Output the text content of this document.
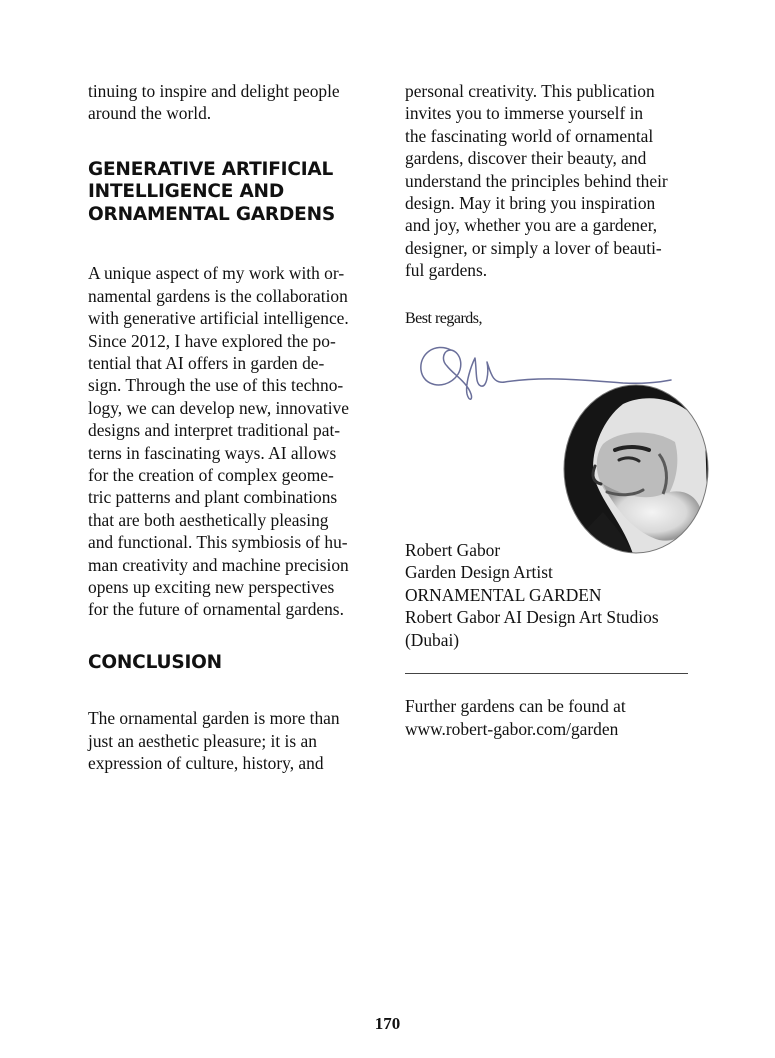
tinuing to inspire and delight people
around the world.

GENERATIVE ARTIFICIAL
INTELLIGENCE AND
ORNAMENTAL GARDENS

A unique aspect of my work with or-
namental gardens is the collaboration
with generative artificial intelligence.
Since 2012, I have explored the po-
tential that AI offers in garden de-
sign. Through the use of this techno-
logy, we can develop new, innovative
designs and interpret traditional pat-
terns in fascinating ways. AI allows
for the creation of complex geome-
tric patterns and plant combinations
that are both aesthetically pleasing
and functional. This symbiosis of hu-
man creativity and machine precision
opens up exciting new perspectives
for the future of ornamental gardens.

CONCLUSION

The ornamental garden is more than
just an aesthetic pleasure; it is an
expression of culture, history, and

personal creativity. This publication
invites you to immerse yourself in
the fascinating world of ornamental
gardens, discover their beauty, and
understand the principles behind their
design. May it bring you inspiration
and joy, whether you are a gardener,
designer, or simply a lover of beauti-
ful gardens.

Best regards,

Robert Gabor
Garden Design Artist
ORNAMENTAL GARDEN
Robert Gabor AI Design Art Studios
(Dubai)

Further gardens can be found at
www.robert-gabor.com/garden

170
